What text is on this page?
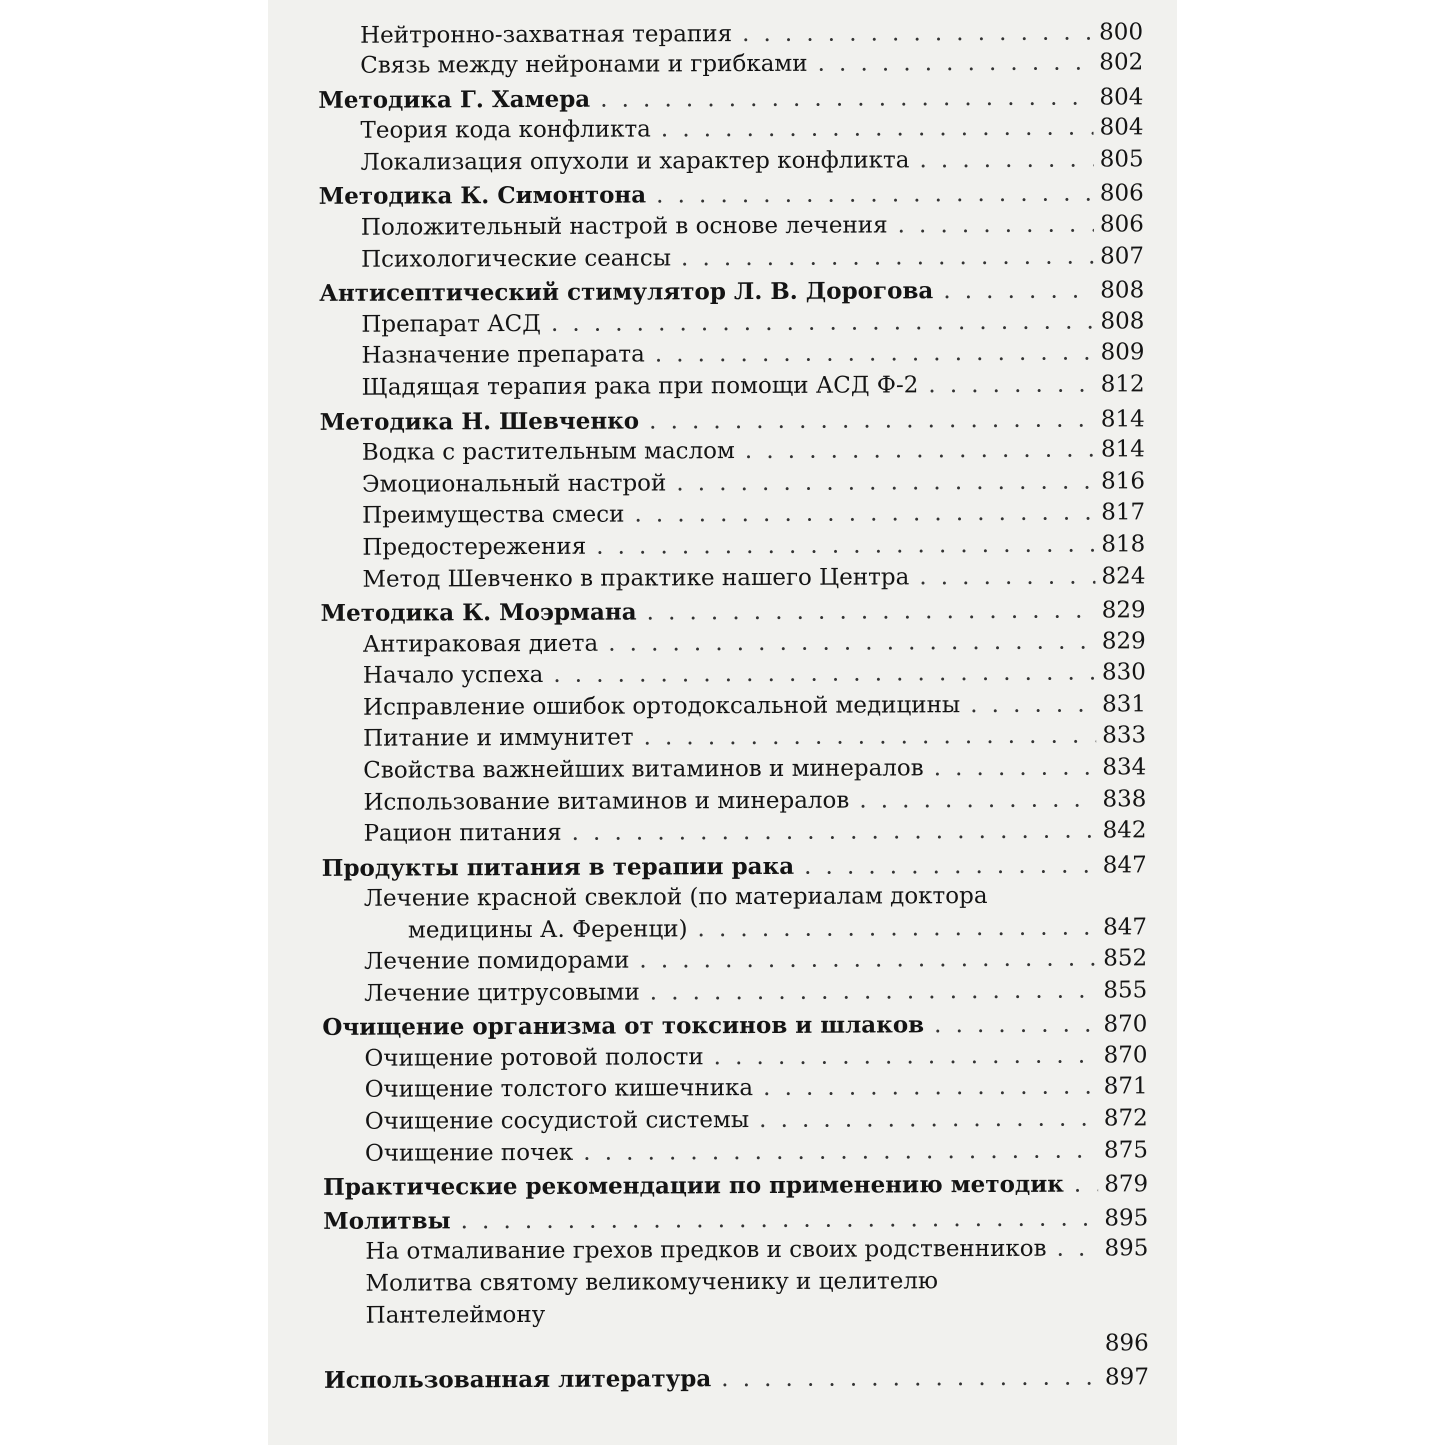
Нейтронно-захватная терапия . . .	800
Связь между нейронами и грибками . . .	802
Методика Г. Хамера . . .	804
Теория кода конфликта . . .	804
Локализация опухоли и характер конфликта . . .	805
Методика К. Симонтона . . .	806
Положительный настрой в основе лечения . . .	806
Психологические сеансы . . .	807
Антисептический стимулятор Л. В. Дорогова . . .	808
Препарат АСД . . .	808
Назначение препарата . . .	809
Щадящая терапия рака при помощи АСД Ф-2 . . .	812
Методика Н. Шевченко . . .	814
Водка с растительным маслом . . .	814
Эмоциональный настрой . . .	816
Преимущества смеси . . .	817
Предостережения . . .	818
Метод Шевченко в практике нашего Центра . . .	824
Методика К. Моэрмана . . .	829
Антираковая диета . . .	829
Начало успеха . . .	830
Исправление ошибок ортодоксальной медицины . . .	831
Питание и иммунитет . . .	833
Свойства важнейших витаминов и минералов . . .	834
Использование витаминов и минералов . . .	838
Рацион питания . . .	842
Продукты питания в терапии рака . . .	847
Лечение красной свеклой (по материалам доктора
медицины А. Ференци) . . .	847
Лечение помидорами . . .	852
Лечение цитрусовыми . . .	855
Очищение организма от токсинов и шлаков . . .	870
Очищение ротовой полости . . .	870
Очищение толстого кишечника . . .	871
Очищение сосудистой системы . . .	872
Очищение почек . . .	875
Практические рекомендации по применению методик . . . 879
Молитвы . . .	895
На отмаливание грехов предков и своих родственников . . .	895
Молитва святому великомученику и целителю
Пантелеймону
896
Использованная литература . . .	897
